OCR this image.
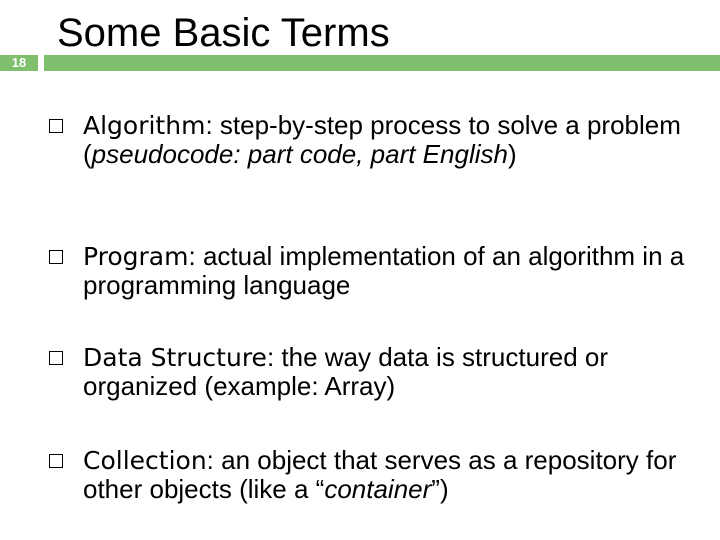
Some Basic Terms
18
Algorithm: step-by-step process to solve a problem (pseudocode: part code, part English)
Program: actual implementation of an algorithm in a programming language
Data Structure: the way data is structured or organized (example: Array)
Collection: an object that serves as a repository for other objects (like a “container”)
